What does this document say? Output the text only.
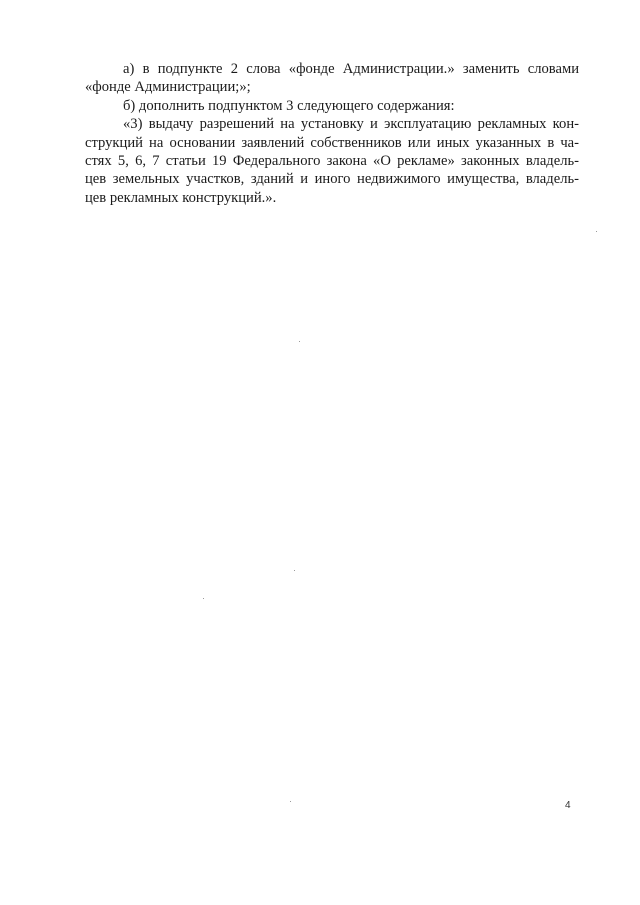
а) в подпункте 2 слова «фонде Администрации.» заменить словами
«фонде Администрации;»;
б) дополнить подпунктом 3 следующего содержания:
«3) выдачу разрешений на установку и эксплуатацию рекламных кон-
струкций на основании заявлений собственников или иных указанных в ча-
стях 5, 6, 7 статьи 19 Федерального закона «О рекламе» законных владель-
цев земельных участков, зданий и иного недвижимого имущества, владель-
цев рекламных конструкций.».
4
